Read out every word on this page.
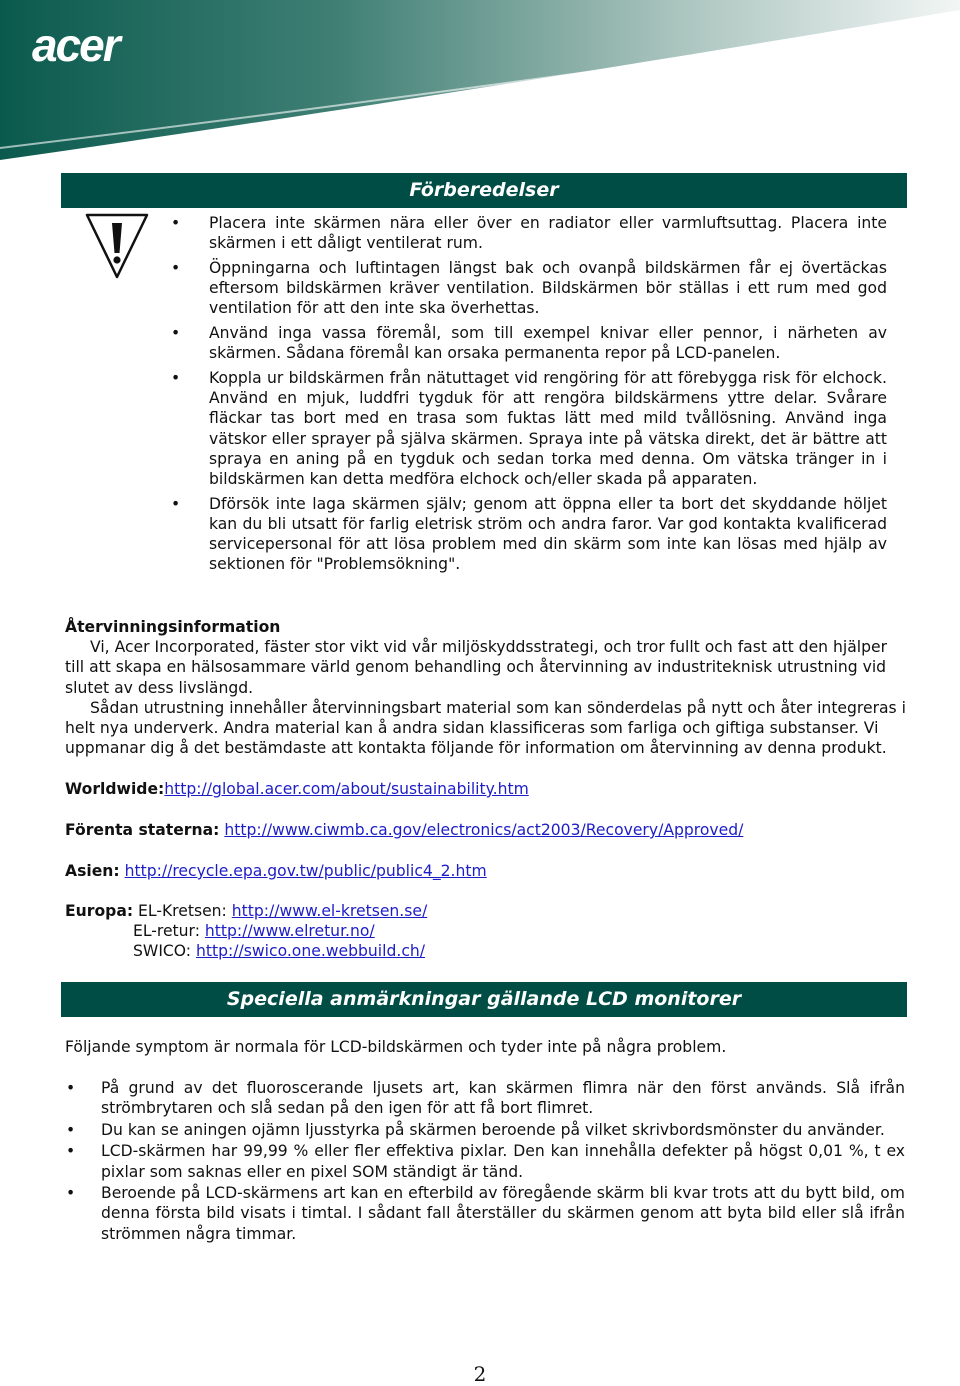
acer
Förberedelser
• Placera inte skärmen nära eller över en radiator eller varmluftsuttag. Placera inte skärmen i ett dåligt ventilerat rum.
• Öppningarna och luftintagen längst bak och ovanpå bildskärmen får ej övertäckas eftersom bildskärmen kräver ventilation. Bildskärmen bör ställas i ett rum med god ventilation för att den inte ska överhettas.
• Använd inga vassa föremål, som till exempel knivar eller pennor, i närheten av skärmen. Sådana föremål kan orsaka permanenta repor på LCD-panelen.
• Koppla ur bildskärmen från nätuttaget vid rengöring för att förebygga risk för elchock. Använd en mjuk, luddfri tygduk för att rengöra bildskärmens yttre delar. Svårare fläckar tas bort med en trasa som fuktas lätt med mild tvållösning. Använd inga vätskor eller sprayer på själva skärmen. Spraya inte på vätska direkt, det är bättre att spraya en aning på en tygduk och sedan torka med denna. Om vätska tränger in i bildskärmen kan detta medföra elchock och/eller skada på apparaten.
• Dförsök inte laga skärmen själv; genom att öppna eller ta bort det skyddande höljet kan du bli utsatt för farlig eletrisk ström och andra faror. Var god kontakta kvalificerad servicepersonal för att lösa problem med din skärm som inte kan lösas med hjälp av sektionen för "Problemsökning".
Återvinningsinformation
Vi, Acer Incorporated, fäster stor vikt vid vår miljöskyddsstrategi, och tror fullt och fast att den hjälper till att skapa en hälsosammare värld genom behandling och återvinning av industriteknisk utrustning vid slutet av dess livslängd.
Sådan utrustning innehåller återvinningsbart material som kan sönderdelas på nytt och åter integreras i helt nya underverk. Andra material kan å andra sidan klassificeras som farliga och giftiga substanser. Vi uppmanar dig å det bestämdaste att kontakta följande för information om återvinning av denna produkt.
Worldwide:http://global.acer.com/about/sustainability.htm
Förenta staterna: http://www.ciwmb.ca.gov/electronics/act2003/Recovery/Approved/
Asien: http://recycle.epa.gov.tw/public/public4_2.htm
Europa: EL-Kretsen: http://www.el-kretsen.se/
EL-retur: http://www.elretur.no/
SWICO: http://swico.one.webbuild.ch/
Speciella anmärkningar gällande LCD monitorer
Följande symptom är normala för LCD-bildskärmen och tyder inte på några problem.
• På grund av det fluoroscerande ljusets art, kan skärmen flimra när den först används. Slå ifrån strömbrytaren och slå sedan på den igen för att få bort flimret.
• Du kan se aningen ojämn ljusstyrka på skärmen beroende på vilket skrivbordsmönster du använder.
• LCD-skärmen har 99,99 % eller fler effektiva pixlar. Den kan innehålla defekter på högst 0,01 %, t ex pixlar som saknas eller en pixel SOM ständigt är tänd.
• Beroende på LCD-skärmens art kan en efterbild av föregående skärm bli kvar trots att du bytt bild, om denna första bild visats i timtal. I sådant fall återställer du skärmen genom att byta bild eller slå ifrån strömmen några timmar.
2
